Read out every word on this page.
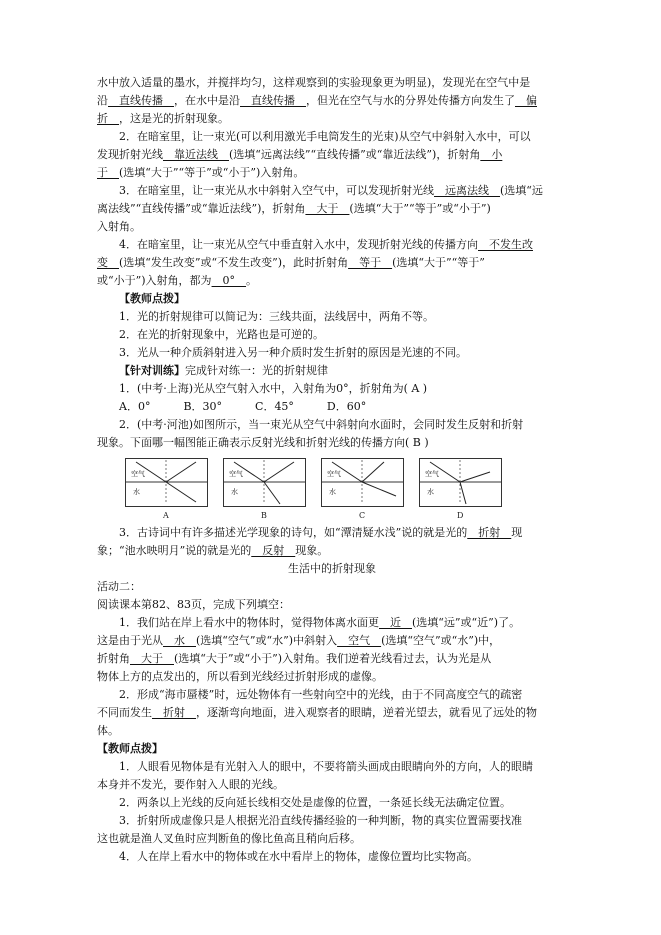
水中放入适量的墨水，并搅拌均匀，这样观察到的实验现象更为明显)，发现光在空气中是
沿　直线传播　，在水中是沿　直线传播　，但光在空气与水的分界处传播方向发生了　偏
折　，这是光的折射现象。
2．在暗室里，让一束光(可以利用激光手电筒发生的光束)从空气中斜射入水中，可以
发现折射光线　靠近法线　(选填“远离法线”“直线传播”或“靠近法线”)，折射角　小
于　(选填“大于”“等于”或“小于”)入射角。
3．在暗室里，让一束光从水中斜射入空气中，可以发现折射光线　远离法线　(选填“远
离法线”“直线传播”或“靠近法线”)，折射角　大于　(选填“大于”“等于”或“小于”)
入射角。
4．在暗室里，让一束光从空气中垂直射入水中，发现折射光线的传播方向　不发生改
变　(选填“发生改变”或“不发生改变”)，此时折射角　等于　(选填“大于”“等于”
或“小于”)入射角，都为　0°　。
【教师点拨】
1．光的折射规律可以简记为：三线共面，法线居中，两角不等。
2．在光的折射现象中，光路也是可逆的。
3．光从一种介质斜射进入另一种介质时发生折射的原因是光速的不同。
【针对训练】完成针对练一：光的折射规律
1．(中考·上海)光从空气射入水中，入射角为0°，折射角为( A )
A．0°　　　B．30°　　　C．45°　　　D．60°
2．(中考·河池)如图所示，当一束光从空气中斜射向水面时，会同时发生反射和折射
现象。下面哪一幅图能正确表示反射光线和折射光线的传播方向( B )
空气
水
A
空气
水
B
空气
水
C
空气
水
D
3．古诗词中有许多描述光学现象的诗句，如“潭清疑水浅”说的就是光的　折射　现
象；“池水映明月”说的就是光的　反射　现象。
生活中的折射现象
活动二：
阅读课本第82、83页，完成下列填空：
1．我们站在岸上看水中的物体时，觉得物体离水面更　近　(选填“远”或“近”)了。
这是由于光从　水　(选填“空气”或“水”)中斜射入　空气　(选填“空气”或“水”)中，
折射角　大于　(选填“大于”或“小于”)入射角。我们逆着光线看过去，认为光是从
物体上方的点发出的，所以看到光线经过折射形成的虚像。
2．形成“海市蜃楼”时，远处物体有一些射向空中的光线，由于不同高度空气的疏密
不同而发生　折射　，逐渐弯向地面，进入观察者的眼睛，逆着光望去，就看见了远处的物
体。
【教师点拨】
1．人眼看见物体是有光射入人的眼中，不要将箭头画成由眼睛向外的方向，人的眼睛
本身并不发光，要作射入人眼的光线。
2．两条以上光线的反向延长线相交处是虚像的位置，一条延长线无法确定位置。
3．折射所成虚像只是人根据光沿直线传播经验的一种判断，物的真实位置需要找准
这也就是渔人叉鱼时应判断鱼的像比鱼高且稍向后移。
4．人在岸上看水中的物体或在水中看岸上的物体，虚像位置均比实物高。
